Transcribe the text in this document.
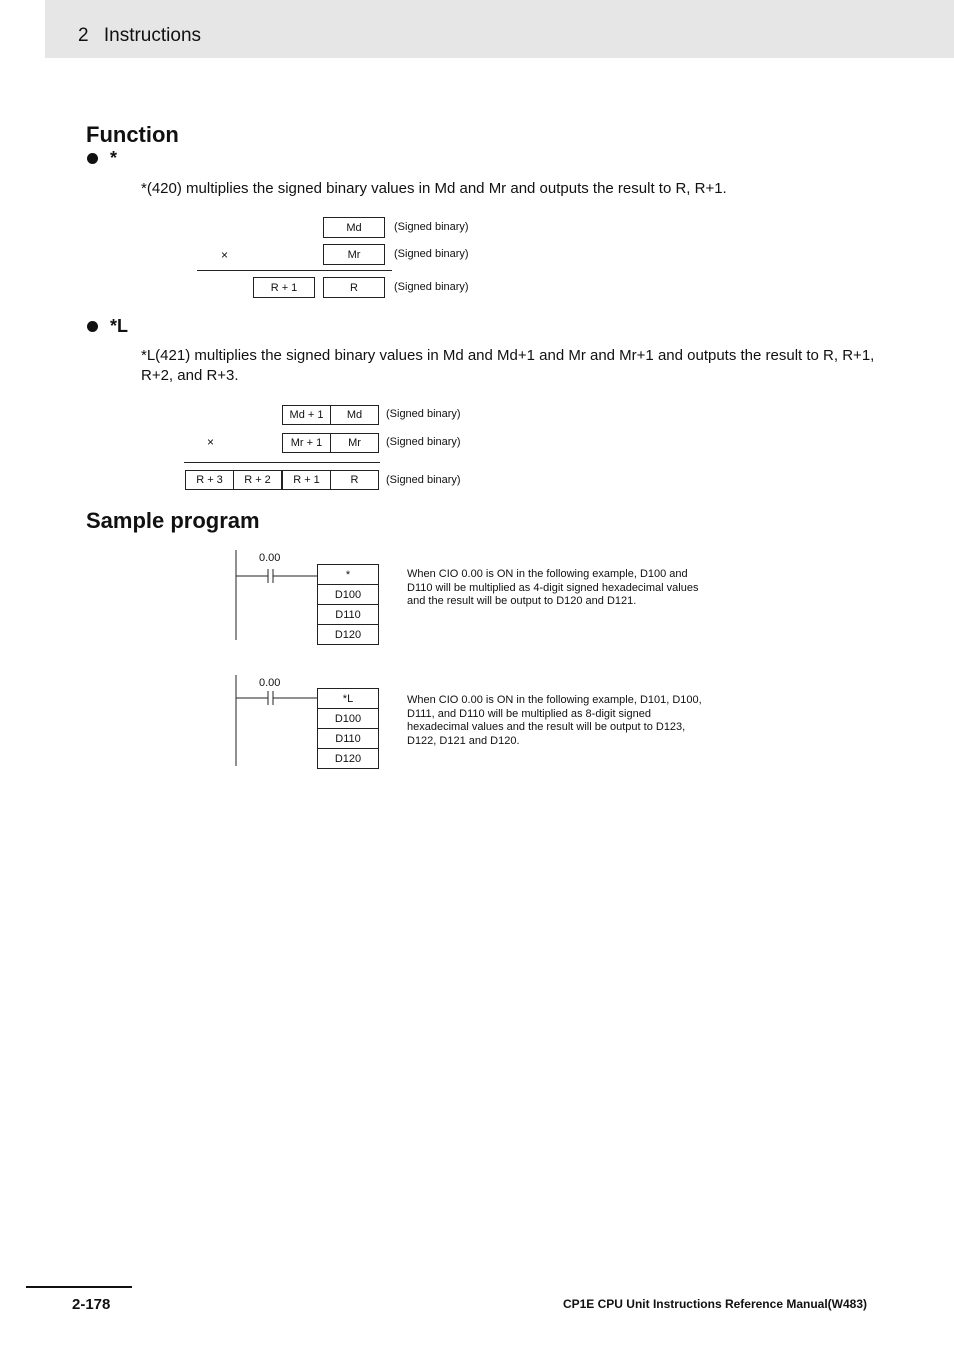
2 Instructions
Function
*
*(420) multiplies the signed binary values in Md and Mr and outputs the result to R, R+1.
Md	(Signed binary)
×	Mr	(Signed binary)
R + 1	R	(Signed binary)
*L
*L(421) multiplies the signed binary values in Md and Md+1 and Mr and Mr+1 and outputs the result to R, R+1, R+2, and R+3.
Md + 1	Md	(Signed binary)
×	Mr + 1	Mr	(Signed binary)
R + 3	R + 2	R + 1	R	(Signed binary)
Sample program
0.00
*
D100
D110
D120
When CIO 0.00 is ON in the following example, D100 and D110 will be multiplied as 4-digit signed hexadecimal values and the result will be output to D120 and D121.
0.00
*L
D100
D110
D120
When CIO 0.00 is ON in the following example, D101, D100, D111, and D110 will be multiplied as 8-digit signed hexadecimal values and the result will be output to D123, D122, D121 and D120.
2-178	CP1E CPU Unit Instructions Reference Manual(W483)
